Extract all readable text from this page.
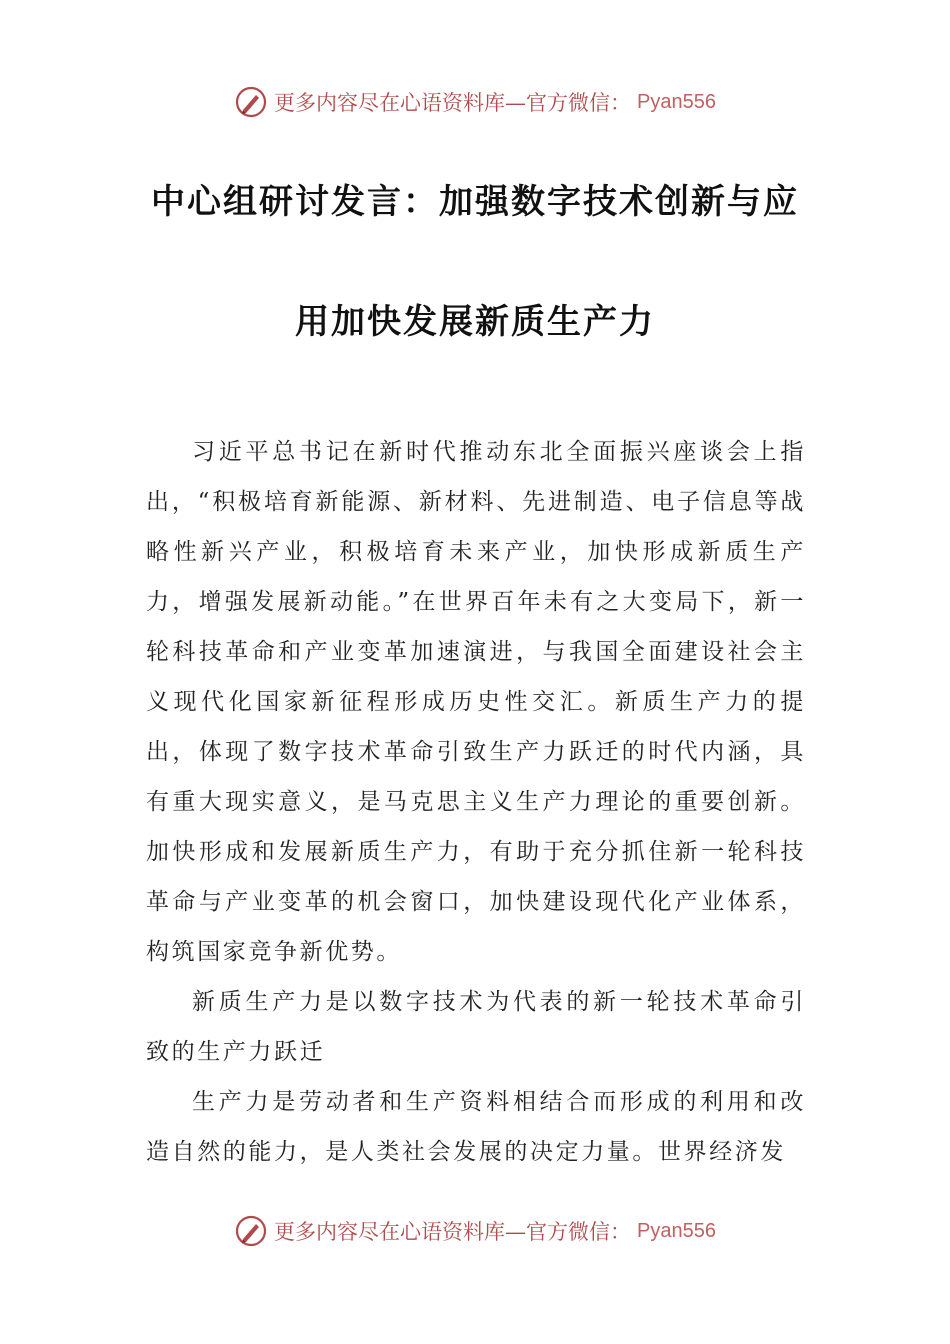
更多内容尽在心语资料库—官方微信： Pyan556
中心组研讨发言：加强数字技术创新与应
用加快发展新质生产力

习近平总书记在新时代推动东北全面振兴座谈会上指出，“积极培育新能源、新材料、先进制造、电子信息等战略性新兴产业，积极培育未来产业，加快形成新质生产力，增强发展新动能。”在世界百年未有之大变局下，新一轮科技革命和产业变革加速演进，与我国全面建设社会主义现代化国家新征程形成历史性交汇。新质生产力的提出，体现了数字技术革命引致生产力跃迁的时代内涵，具有重大现实意义，是马克思主义生产力理论的重要创新。加快形成和发展新质生产力，有助于充分抓住新一轮科技革命与产业变革的机会窗口，加快建设现代化产业体系，构筑国家竞争新优势。

新质生产力是以数字技术为代表的新一轮技术革命引致的生产力跃迁

生产力是劳动者和生产资料相结合而形成的利用和改造自然的能力，是人类社会发展的决定力量。世界经济发

更多内容尽在心语资料库—官方微信： Pyan556
